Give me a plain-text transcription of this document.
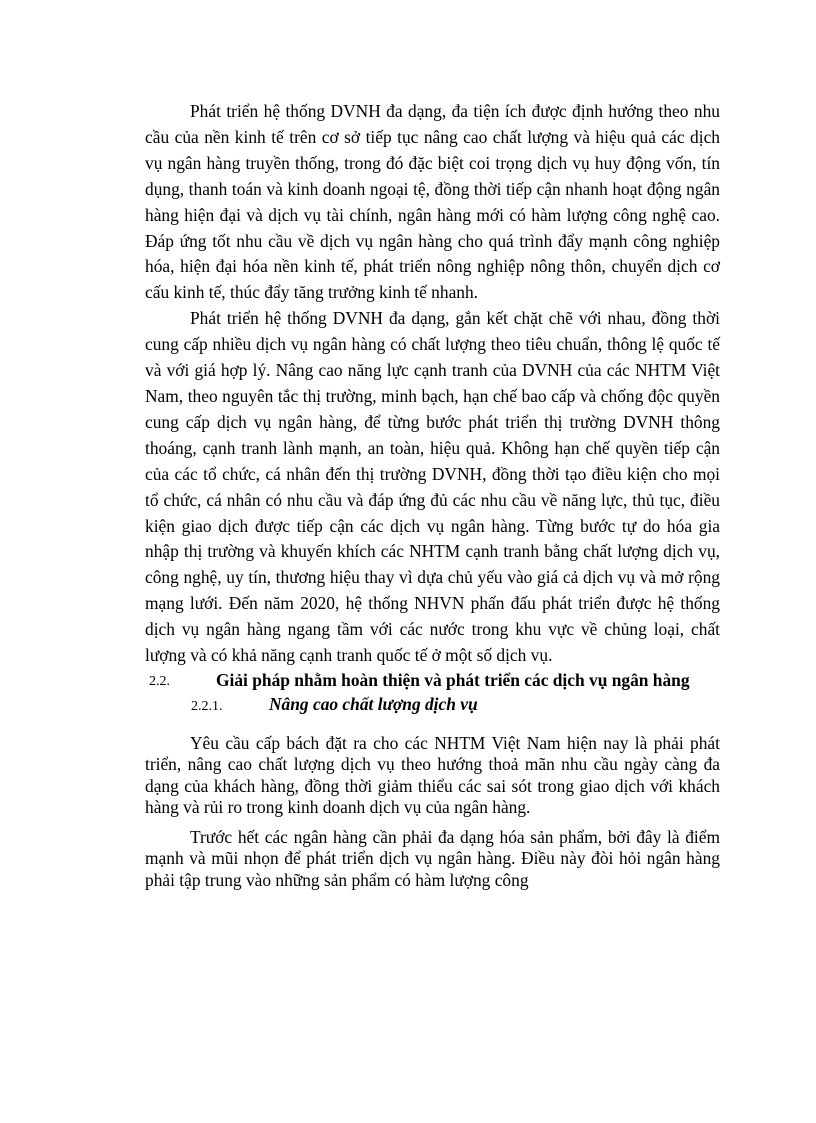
Phát triển hệ thống DVNH đa dạng, đa tiện ích được định hướng theo nhu cầu của nền kinh tế trên cơ sở tiếp tục nâng cao chất lượng và hiệu quả các dịch vụ ngân hàng truyền thống, trong đó đặc biệt coi trọng dịch vụ huy động vốn, tín dụng, thanh toán và kinh doanh ngoại tệ, đồng thời tiếp cận nhanh hoạt động ngân hàng hiện đại và dịch vụ tài chính, ngân hàng mới có hàm lượng công nghệ cao. Đáp ứng tốt nhu cầu về dịch vụ ngân hàng cho quá trình đẩy mạnh công nghiệp hóa, hiện đại hóa nền kinh tế, phát triển nông nghiệp nông thôn, chuyển dịch cơ cấu kinh tế, thúc đẩy tăng trưởng kinh tế nhanh.

Phát triển hệ thống DVNH đa dạng, gắn kết chặt chẽ với nhau, đồng thời cung cấp nhiều dịch vụ ngân hàng có chất lượng theo tiêu chuẩn, thông lệ quốc tế và với giá hợp lý. Nâng cao năng lực cạnh tranh của DVNH của các NHTM Việt Nam, theo nguyên tắc thị trường, minh bạch, hạn chế bao cấp và chống độc quyền cung cấp dịch vụ ngân hàng, để từng bước phát triển thị trường DVNH thông thoáng, cạnh tranh lành mạnh, an toàn, hiệu quả. Không hạn chế quyền tiếp cận của các tổ chức, cá nhân đến thị trường DVNH, đồng thời tạo điều kiện cho mọi tổ chức, cá nhân có nhu cầu và đáp ứng đủ các nhu cầu về năng lực, thủ tục, điều kiện giao dịch được tiếp cận các dịch vụ ngân hàng. Từng bước tự do hóa gia nhập thị trường và khuyến khích các NHTM cạnh tranh bằng chất lượng dịch vụ, công nghệ, uy tín, thương hiệu thay vì dựa chủ yếu vào giá cả dịch vụ và mở rộng mạng lưới. Đến năm 2020, hệ thống NHVN phấn đấu phát triển được hệ thống dịch vụ ngân hàng ngang tầm với các nước trong khu vực về chủng loại, chất lượng và có khả năng cạnh tranh quốc tế ở một số dịch vụ.

2.2.	Giải pháp nhằm hoàn thiện và phát triển các dịch vụ ngân hàng
2.2.1.	Nâng cao chất lượng dịch vụ

Yêu cầu cấp bách đặt ra cho các NHTM Việt Nam hiện nay là phải phát triển, nâng cao chất lượng dịch vụ theo hướng thoả mãn nhu cầu ngày càng đa dạng của khách hàng, đồng thời giảm thiểu các sai sót trong giao dịch với khách hàng và rủi ro trong kinh doanh dịch vụ của ngân hàng.

Trước hết các ngân hàng cần phải đa dạng hóa sản phẩm, bởi đây là điểm mạnh và mũi nhọn để phát triển dịch vụ ngân hàng. Điều này đòi hỏi ngân hàng phải tập trung vào những sản phẩm có hàm lượng công
